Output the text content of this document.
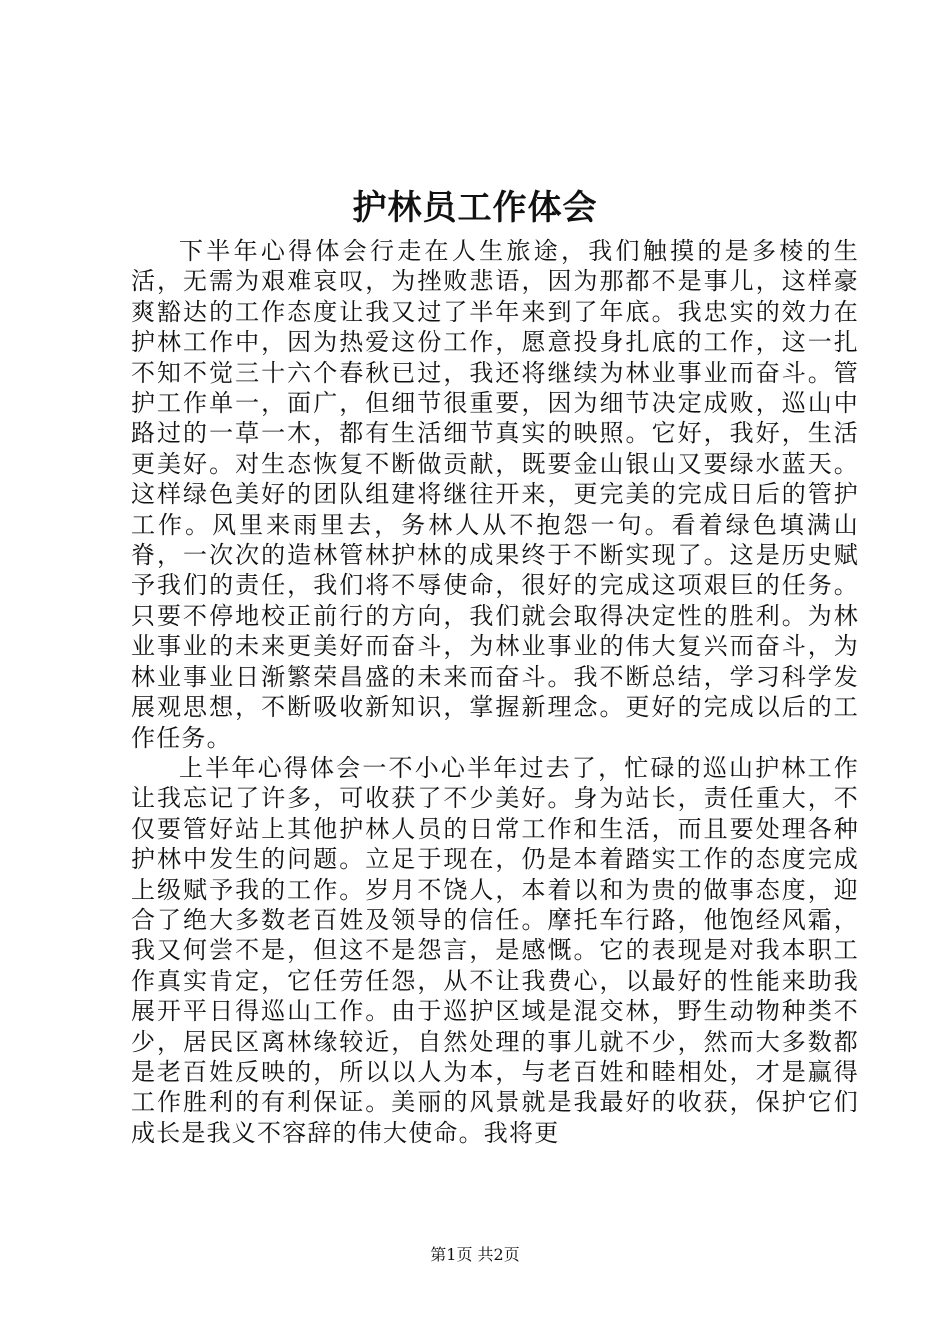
护林员工作体会

下半年心得体会行走在人生旅途，我们触摸的是多棱的生活，无需为艰难哀叹，为挫败悲语，因为那都不是事儿，这样豪爽豁达的工作态度让我又过了半年来到了年底。我忠实的效力在护林工作中，因为热爱这份工作，愿意投身扎底的工作，这一扎不知不觉三十六个春秋已过，我还将继续为林业事业而奋斗。管护工作单一，面广，但细节很重要，因为细节决定成败，巡山中路过的一草一木，都有生活细节真实的映照。它好，我好，生活更美好。对生态恢复不断做贡献，既要金山银山又要绿水蓝天。这样绿色美好的团队组建将继往开来，更完美的完成日后的管护工作。风里来雨里去，务林人从不抱怨一句。看着绿色填满山脊，一次次的造林管林护林的成果终于不断实现了。这是历史赋予我们的责任，我们将不辱使命，很好的完成这项艰巨的任务。只要不停地校正前行的方向，我们就会取得决定性的胜利。为林业事业的未来更美好而奋斗，为林业事业的伟大复兴而奋斗，为林业事业日渐繁荣昌盛的未来而奋斗。我不断总结，学习科学发展观思想，不断吸收新知识，掌握新理念。更好的完成以后的工作任务。

上半年心得体会一不小心半年过去了，忙碌的巡山护林工作让我忘记了许多，可收获了不少美好。身为站长，责任重大，不仅要管好站上其他护林人员的日常工作和生活，而且要处理各种护林中发生的问题。立足于现在，仍是本着踏实工作的态度完成上级赋予我的工作。岁月不饶人，本着以和为贵的做事态度，迎合了绝大多数老百姓及领导的信任。摩托车行路，他饱经风霜，我又何尝不是，但这不是怨言，是感慨。它的表现是对我本职工作真实肯定，它任劳任怨，从不让我费心，以最好的性能来助我展开平日得巡山工作。由于巡护区域是混交林，野生动物种类不少，居民区离林缘较近，自然处理的事儿就不少，然而大多数都是老百姓反映的，所以以人为本，与老百姓和睦相处，才是赢得工作胜利的有利保证。美丽的风景就是我最好的收获，保护它们成长是我义不容辞的伟大使命。我将更

第1页 共2页
